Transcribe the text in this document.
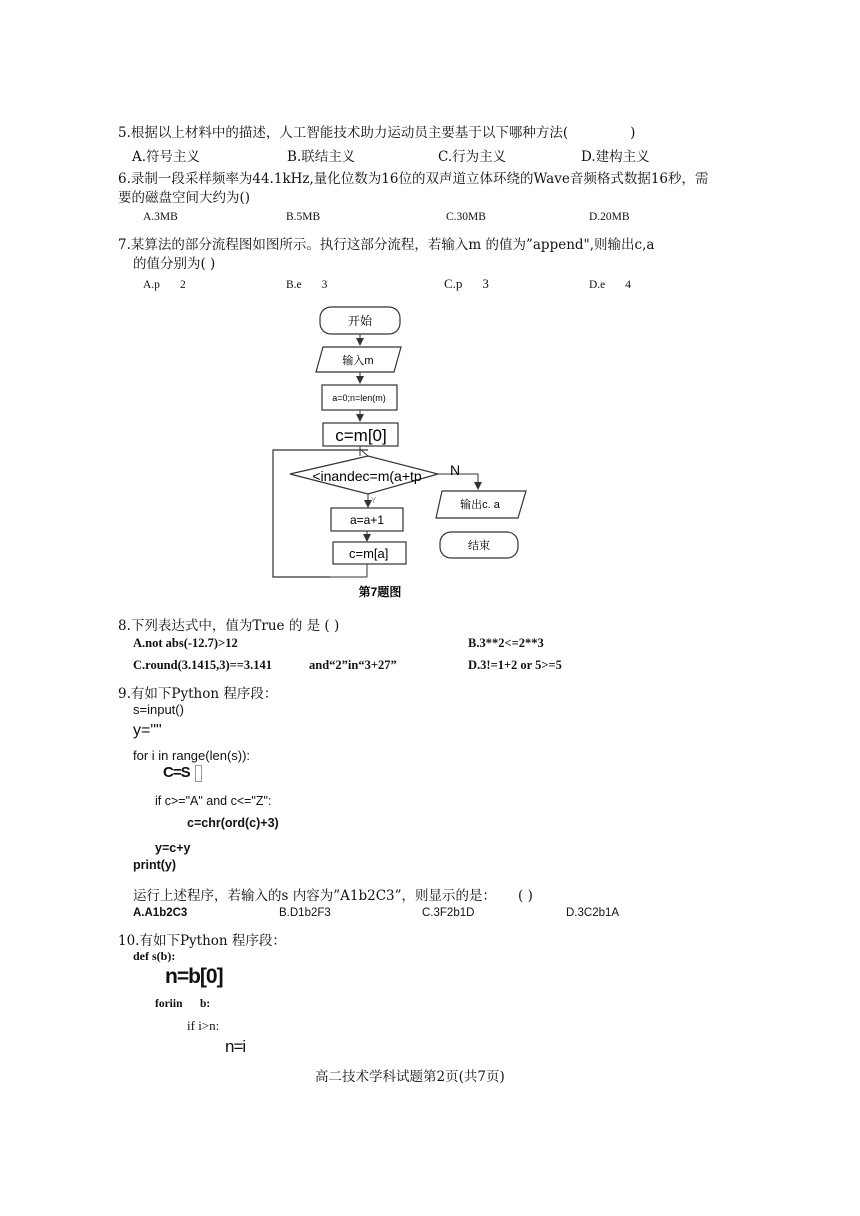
5.根据以上材料中的描述，人工智能技术助力运动员主要基于以下哪种方法(	)
A.符号主义	B.联结主义	C.行为主义	D.建构主义
6.录制一段采样频率为44.1kHz,量化位数为16位的双声道立体环绕的Wave音频格式数据16秒，需
要的磁盘空间大约为()
A.3MB	B.5MB	C.30MB	D.20MB
7.某算法的部分流程图如图所示。执行这部分流程，若输入m 的值为”append",则输出c,a
的值分别为( )
A.p 2	B.e 3	C.p 3	D.e 4
开始
输入m
a=0;n=len(m)
c=m[0]
<inandec=m(a+tp N
输出c. a
结束
Y
a=a+1
c=m[a]
第7题图
8.下列表达式中，值为True 的 是 ( )
A.not abs(-12.7)>12	B.3**2<=2**3
C.round(3.1415,3)==3.141	and“2”in“3+27”	D.3!=1+2 or 5>=5
9.有如下Python 程序段：
s=input()
y=""
for i in range(len(s)):
C=S
if c>="A" and c<="Z":
c=chr(ord(c)+3)
y=c+y
print(y)
运行上述程序，若输入的s 内容为”A1b2C3”，则显示的是： ( )
A.A1b2C3	B.D1b2F3	C.3F2b1D	D.3C2b1A
10.有如下Python 程序段：
def s(b):
n=b[0]
foriin b:
if i>n:
n=i
高二技术学科试题第2页(共7页)
